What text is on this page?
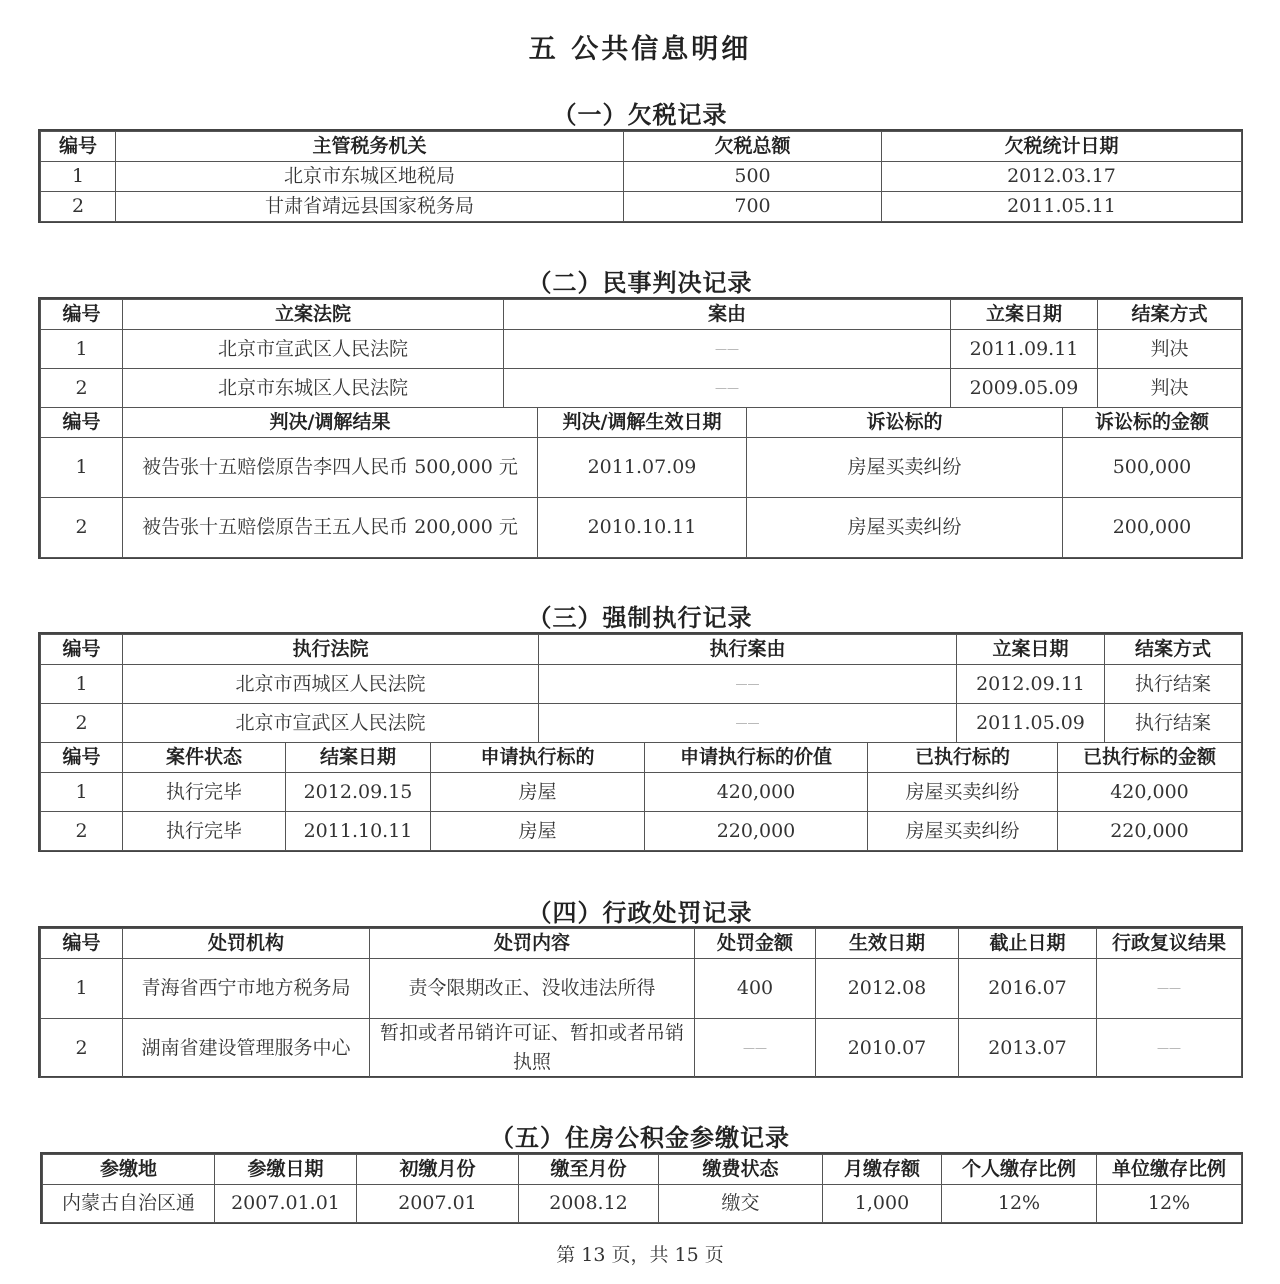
五 公共信息明细
（一）欠税记录
编号	主管税务机关	欠税总额	欠税统计日期
1	北京市东城区地税局	500	2012.03.17
2	甘肃省靖远县国家税务局	700	2011.05.11
（二）民事判决记录
编号	立案法院	案由	立案日期	结案方式
1	北京市宣武区人民法院	——	2011.09.11	判决
2	北京市东城区人民法院	——	2009.05.09	判决
编号	判决/调解结果	判决/调解生效日期	诉讼标的	诉讼标的金额
1	被告张十五赔偿原告李四人民币 500,000 元	2011.07.09	房屋买卖纠纷	500,000
2	被告张十五赔偿原告王五人民币 200,000 元	2010.10.11	房屋买卖纠纷	200,000
（三）强制执行记录
编号	执行法院	执行案由	立案日期	结案方式
1	北京市西城区人民法院	——	2012.09.11	执行结案
2	北京市宣武区人民法院	——	2011.05.09	执行结案
编号	案件状态	结案日期	申请执行标的	申请执行标的价值	已执行标的	已执行标的金额
1	执行完毕	2012.09.15	房屋	420,000	房屋买卖纠纷	420,000
2	执行完毕	2011.10.11	房屋	220,000	房屋买卖纠纷	220,000
（四）行政处罚记录
编号	处罚机构	处罚内容	处罚金额	生效日期	截止日期	行政复议结果
1	青海省西宁市地方税务局	责令限期改正、没收违法所得	400	2012.08	2016.07	——
2	湖南省建设管理服务中心	暂扣或者吊销许可证、暂扣或者吊销执照	——	2010.07	2013.07	——
（五）住房公积金参缴记录
参缴地	参缴日期	初缴月份	缴至月份	缴费状态	月缴存额	个人缴存比例	单位缴存比例
内蒙古自治区通	2007.01.01	2007.01	2008.12	缴交	1,000	12%	12%
第 13 页，共 15 页
